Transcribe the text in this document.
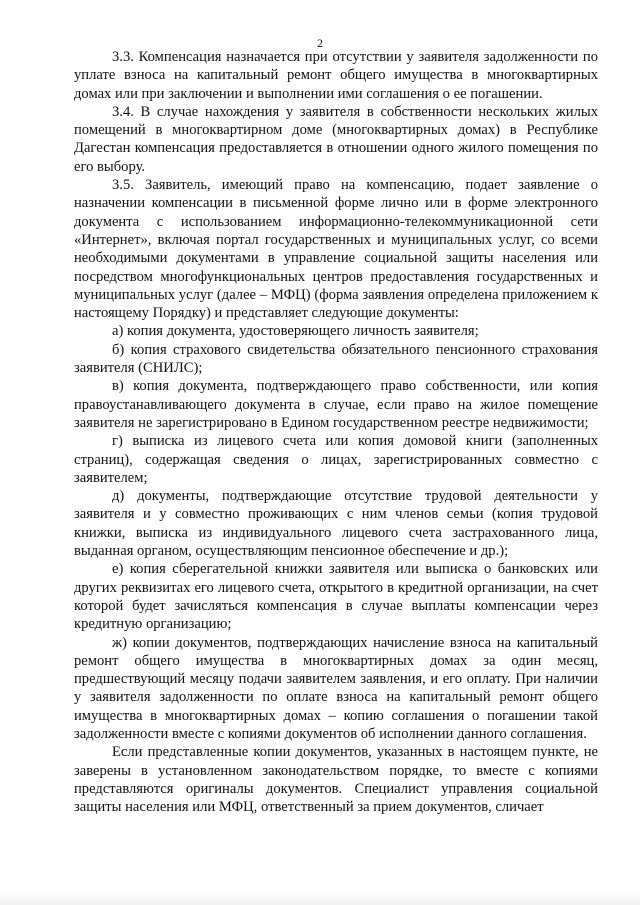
2

3.3. Компенсация назначается при отсутствии у заявителя задолженности по уплате взноса на капитальный ремонт общего имущества в многоквартирных домах или при заключении и выполнении ими соглашения о ее погашении.

3.4. В случае нахождения у заявителя в собственности нескольких жилых помещений в многоквартирном доме (многоквартирных домах) в Республике Дагестан компенсация предоставляется в отношении одного жилого помещения по его выбору.

3.5. Заявитель, имеющий право на компенсацию, подает заявление о назначении компенсации в письменной форме лично или в форме электронного документа с использованием информационно-телекоммуникационной сети «Интернет», включая портал государственных и муниципальных услуг, со всеми необходимыми документами в управление социальной защиты населения или посредством многофункциональных центров предоставления государственных и муниципальных услуг (далее – МФЦ) (форма заявления определена приложением к настоящему Порядку) и представляет следующие документы:

а) копия документа, удостоверяющего личность заявителя;

б) копия страхового свидетельства обязательного пенсионного страхования заявителя (СНИЛС);

в) копия документа, подтверждающего право собственности, или копия правоустанавливающего документа в случае, если право на жилое помещение заявителя не зарегистрировано в Едином государственном реестре недвижимости;

г) выписка из лицевого счета или копия домовой книги (заполненных страниц), содержащая сведения о лицах, зарегистрированных совместно с заявителем;

д) документы, подтверждающие отсутствие трудовой деятельности у заявителя и у совместно проживающих с ним членов семьи (копия трудовой книжки, выписка из индивидуального лицевого счета застрахованного лица, выданная органом, осуществляющим пенсионное обеспечение и др.);

е) копия сберегательной книжки заявителя или выписка о банковских или других реквизитах его лицевого счета, открытого в кредитной организации, на счет которой будет зачисляться компенсация в случае выплаты компенсации через кредитную организацию;

ж) копии документов, подтверждающих начисление взноса на капитальный ремонт общего имущества в многоквартирных домах за один месяц, предшествующий месяцу подачи заявителем заявления, и его оплату. При наличии у заявителя задолженности по оплате взноса на капитальный ремонт общего имущества в многоквартирных домах – копию соглашения о погашении такой задолженности вместе с копиями документов об исполнении данного соглашения.

Если представленные копии документов, указанных в настоящем пункте, не заверены в установленном законодательством порядке, то вместе с копиями представляются оригиналы документов. Специалист управления социальной защиты населения или МФЦ, ответственный за прием документов, сличает
